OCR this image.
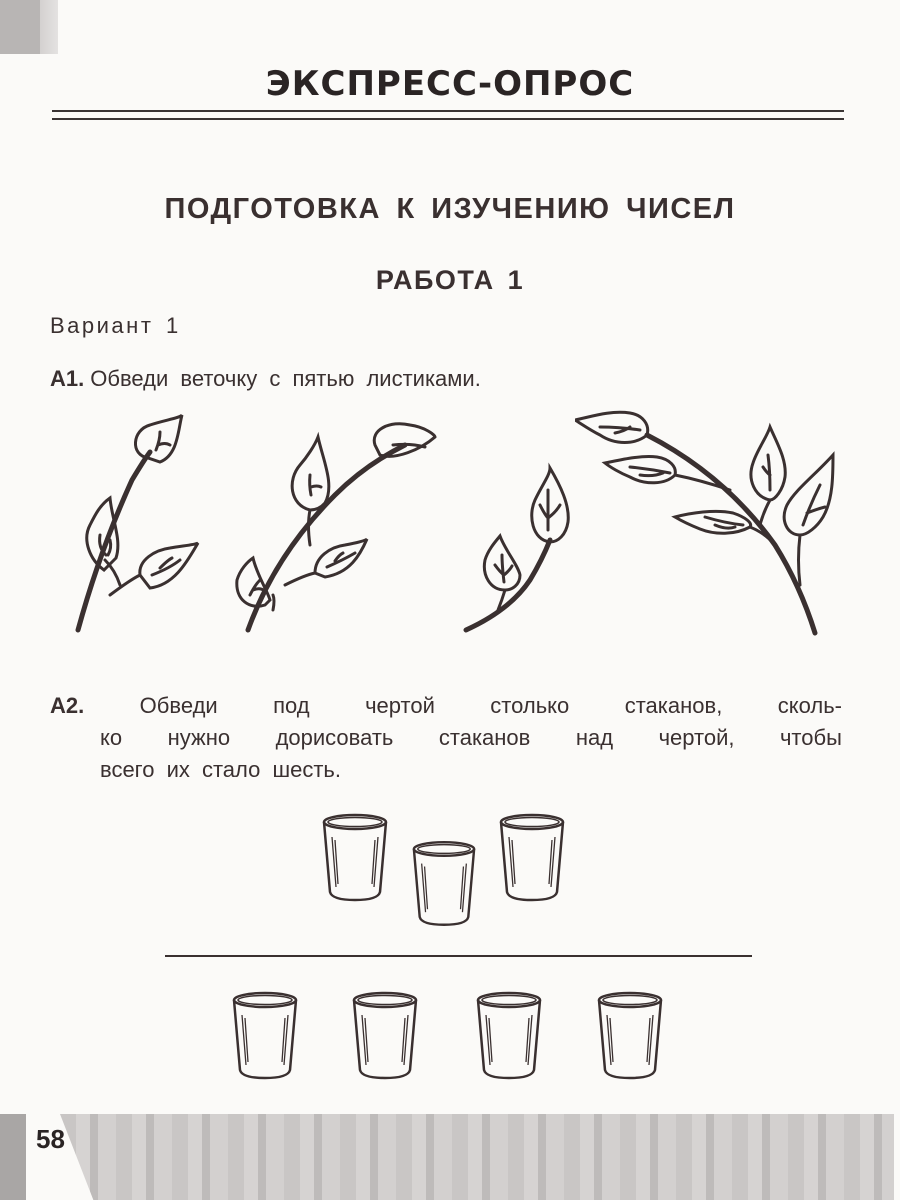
ЭКСПРЕСС-ОПРОС
ПОДГОТОВКА К ИЗУЧЕНИЮ ЧИСЕЛ
РАБОТА 1
Вариант 1
А1. Обведи веточку с пятью листиками.
А2.	Обведи	под	чертой	столько	стаканов,	сколь-
ко нужно дорисовать стаканов над чертой, чтобы
всего их стало шесть.
58
